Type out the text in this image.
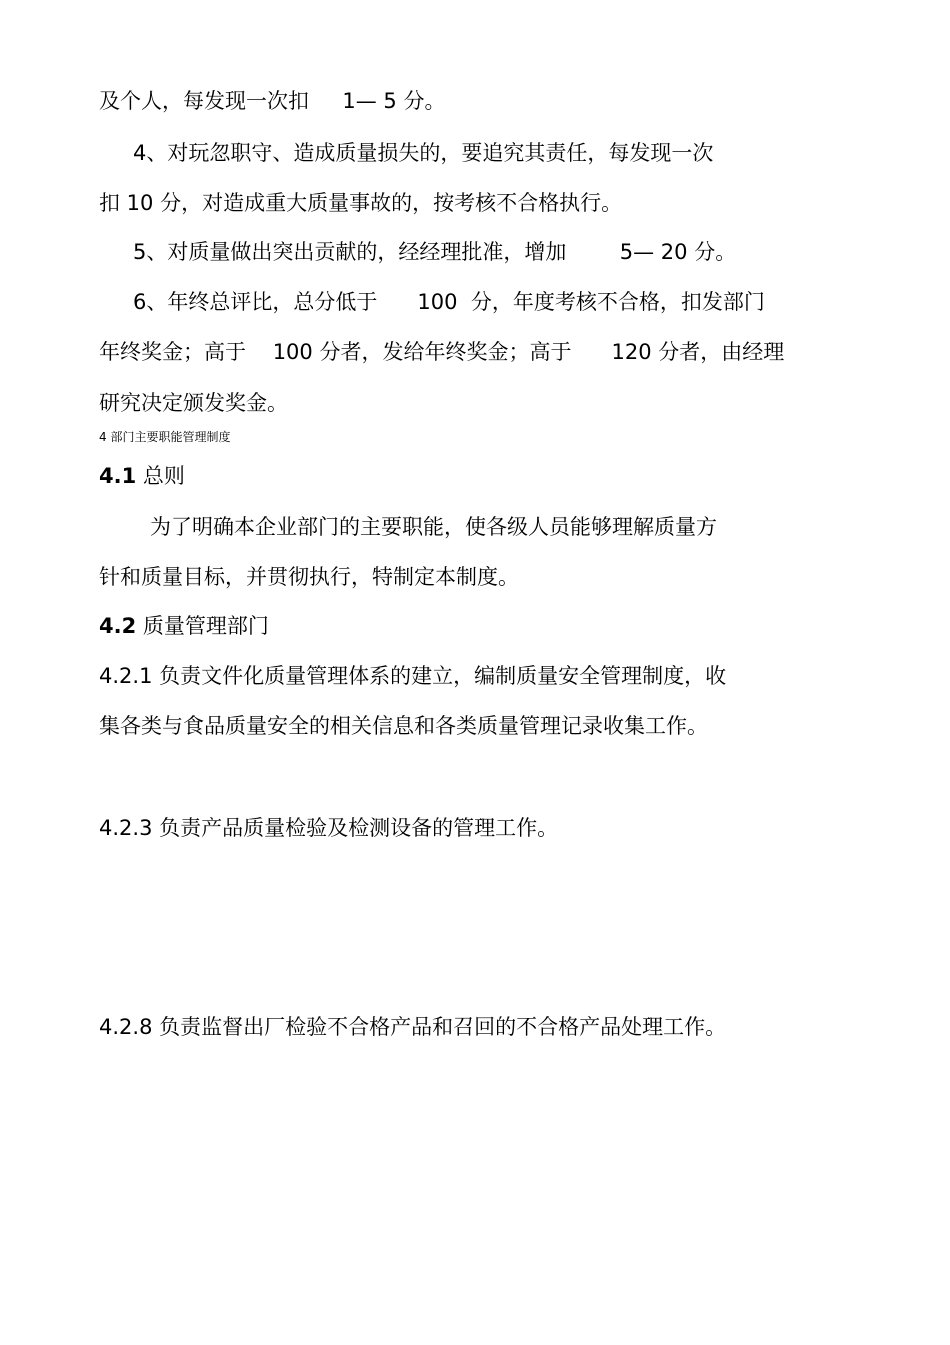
及个人，每发现一次扣     1— 5 分。
4、对玩忽职守、造成质量损失的，要追究其责任，每发现一次
扣 10 分，对造成重大质量事故的，按考核不合格执行。
5、对质量做出突出贡献的，经经理批准，增加        5— 20 分。
6、年终总评比，总分低于      100  分，年度考核不合格，扣发部门
年终奖金；高于    100 分者，发给年终奖金；高于      120 分者，由经理
研究决定颁发奖金。
4 部门主要职能管理制度
4.1 总则
为了明确本企业部门的主要职能，使各级人员能够理解质量方
针和质量目标，并贯彻执行，特制定本制度。
4.2 质量管理部门
4.2.1 负责文件化质量管理体系的建立，编制质量安全管理制度，收
集各类与食品质量安全的相关信息和各类质量管理记录收集工作。
4.2.3 负责产品质量检验及检测设备的管理工作。
4.2.8 负责监督出厂检验不合格产品和召回的不合格产品处理工作。
